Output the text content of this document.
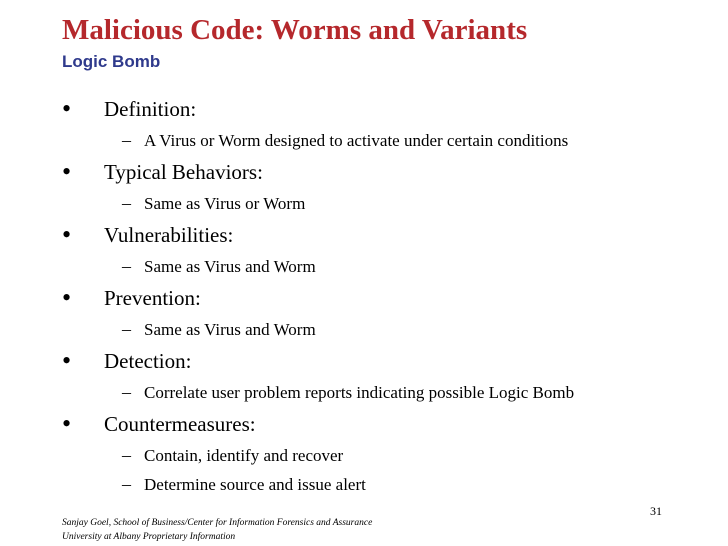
Malicious Code: Worms and Variants
Logic Bomb
• Definition:
– A Virus or Worm designed to activate under certain conditions
• Typical Behaviors:
– Same as Virus or Worm
• Vulnerabilities:
– Same as Virus and Worm
• Prevention:
– Same as Virus and Worm
• Detection:
– Correlate user problem reports indicating possible Logic Bomb
• Countermeasures:
– Contain, identify and recover
– Determine source and issue alert
31
Sanjay Goel, School of Business/Center for Information Forensics and Assurance
University at Albany Proprietary Information
